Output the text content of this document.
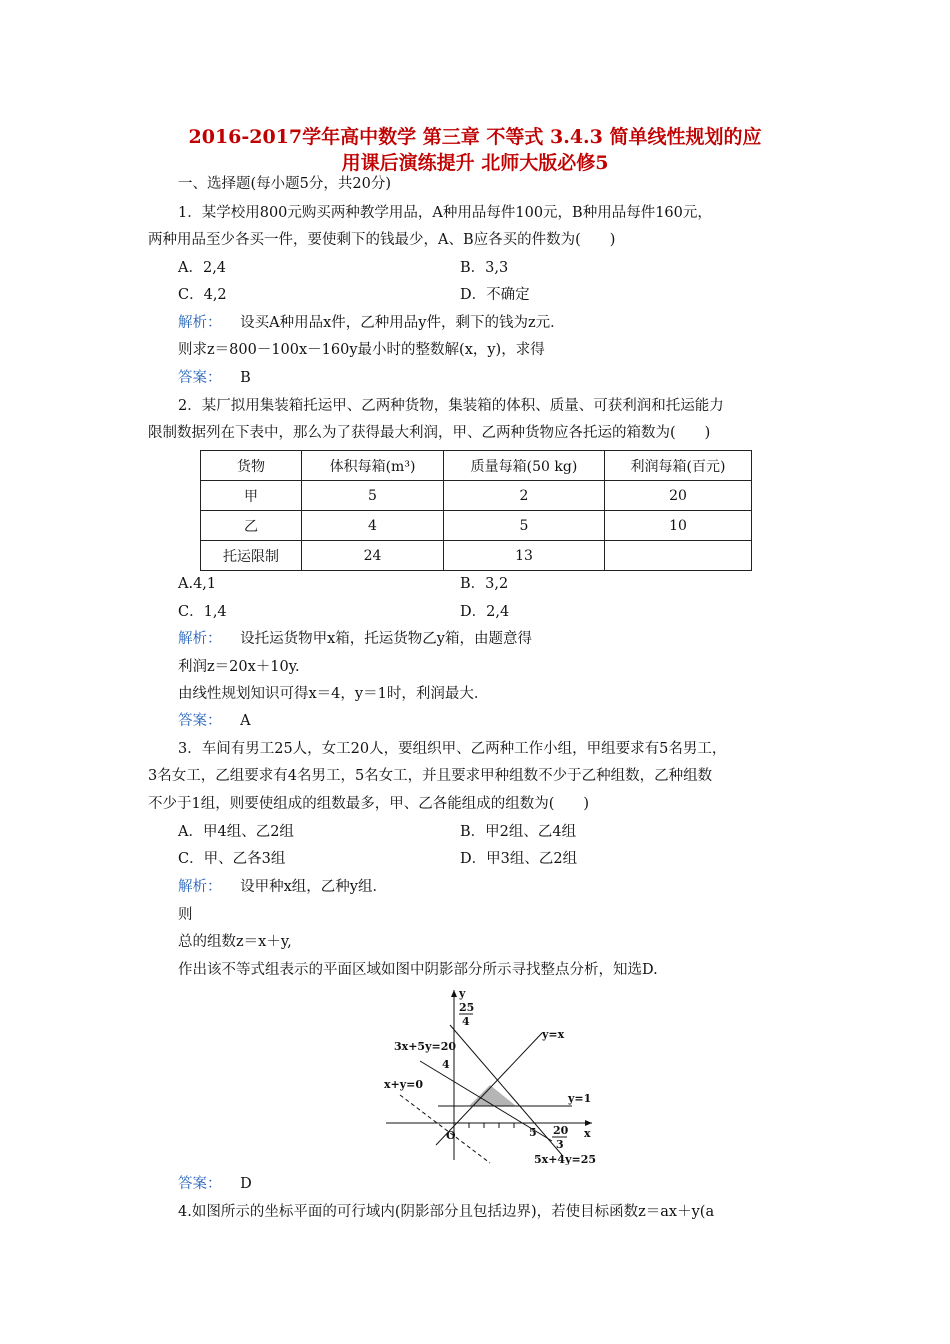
2016-2017学年高中数学 第三章 不等式 3.4.3 简单线性规划的应
用课后演练提升 北师大版必修5
一、选择题(每小题5分，共20分)
1．某学校用800元购买两种教学用品，A种用品每件100元，B种用品每件160元，
两种用品至少各买一件，要使剩下的钱最少，A、B应各买的件数为(　　)
A．2,4	B．3,3
C．4,2	D．不确定
解析： 设买A种用品x件，乙种用品y件，剩下的钱为z元．
则求z＝800－100x－160y最小时的整数解(x，y)，求得
答案： B
2．某厂拟用集装箱托运甲、乙两种货物，集装箱的体积、质量、可获利润和托运能力
限制数据列在下表中，那么为了获得最大利润，甲、乙两种货物应各托运的箱数为(　　)
货物	体积每箱(m³)	质量每箱(50 kg)	利润每箱(百元)
甲	5	2	20
乙	4	5	10
托运限制	24	13	
A.4,1	B．3,2
C．1,4	D．2,4
解析： 设托运货物甲x箱，托运货物乙y箱，由题意得
利润z＝20x＋10y.
由线性规划知识可得x＝4，y＝1时，利润最大．
答案： A
3．车间有男工25人，女工20人，要组织甲、乙两种工作小组，甲组要求有5名男工，
3名女工，乙组要求有4名男工，5名女工，并且要求甲种组数不少于乙种组数，乙种组数
不少于1组，则要使组成的组数最多，甲、乙各能组成的组数为(　　)
A．甲4组、乙2组	B．甲2组、乙4组
C．甲、乙各3组	D．甲3组、乙2组
解析： 设甲种x组，乙种y组．
则
总的组数z＝x＋y,
作出该不等式组表示的平面区域如图中阴影部分所示寻找整点分析，知选D.
y
x
O
25
4
4
5 20
3
3x+5y=20
y=x
x+y=0
y=1
5x+4y=25
答案： D
4.如图所示的坐标平面的可行域内(阴影部分且包括边界)，若使目标函数z＝ax＋y(a
